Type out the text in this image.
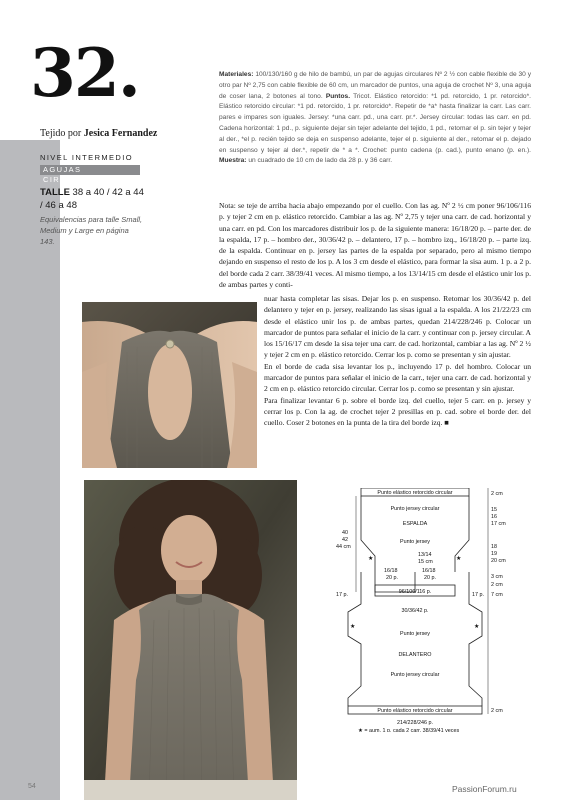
32.
Tejido por Jesica Fernandez
NIVEL INTERMEDIO
AGUJAS CIRCULARES
TALLE 38 a 40 / 42 a 44 / 46 a 48
Equivalencias para talle Small, Medium y Large en página 143.
Materiales: 100/130/160 g de hilo de bambú, un par de agujas circulares Nº 2 ½ con cable flexible de 30 y otro par Nº 2,75 con cable flexible de 60 cm, un marcador de puntos, una aguja de crochet Nº 3, una aguja de coser lana, 2 botones al tono. Puntos. Tricot. Elástico retorcido: *1 pd. retorcido, 1 pr. retorcido*. Elástico retorcido circular: *1 pd. retorcido, 1 pr. retorcido*. Repetir de *a* hasta finalizar la carr. Las carr. pares e impares son iguales. Jersey: *una carr. pd., una carr. pr.*. Jersey circular: todas las carr. en pd. Cadena horizontal: 1 pd., p. siguiente dejar sin tejer adelante del tejido, 1 pd., retomar el p. sin tejer y tejer al der., *el p. recién tejido se deja en suspenso adelante, tejer el p. siguiente al der., retomar el p. dejado en suspenso y tejer al der.*, repetir de * a *. Crochet: punto cadena (p. cad.), punto enano (p. en.). Muestra: un cuadrado de 10 cm de lado da 28 p. y 36 carr.

Nota: se teje de arriba hacia abajo empezando por el cuello. Con las ag. Nº 2 ½ cm poner 96/106/116 p. y tejer 2 cm en p. elástico retorcido. Cambiar a las ag. Nº 2,75 y tejer una carr. de cad. horizontal y una carr. en pd. Con los marcadores distribuir los p. de la siguiente manera: 16/18/20 p. – parte der. de la espalda, 17 p. – hombro der., 30/36/42 p. – delantero, 17 p. – hombro izq., 16/18/20 p. – parte izq. de la espalda. Continuar en p. jersey las partes de la espalda por separado, pero al mismo tiempo dejando en suspenso el resto de los p. A los 3 cm desde el elástico, para formar la sisa aum. 1 p. a 2 p. del borde cada 2 carr. 38/39/41 veces. Al mismo tiempo, a los 13/14/15 cm desde el elástico unir los p. de ambas partes y conti-

nuar hasta completar las sisas. Dejar los p. en suspenso. Retomar los 30/36/42 p. del delantero y tejer en p. jersey, realizando las sisas igual a la espalda. A los 21/22/23 cm desde el elástico unir los p. de ambas partes, quedan 214/228/246 p. Colocar un marcador de puntos para señalar el inicio de la carr. y continuar con p. jersey circular. A los 15/16/17 cm desde la sisa tejer una carr. de cad. horizontal, cambiar a las ag. Nº 2 ½ y tejer 2 cm en p. elástico retorcido. Cerrar los p. como se presentan y sin ajustar.

En el borde de cada sisa levantar los p., incluyendo 17 p. del hombro. Colocar un marcador de puntos para señalar el inicio de la carr., tejer una carr. de cad. horizontal y 2 cm en p. elástico retorcido circular. Cerrar los p. como se presentan y sin ajustar.

Para finalizar levantar 6 p. sobre el borde izq. del cuello, tejer 5 carr. en p. jersey y cerrar los p. Con la ag. de crochet tejer 2 presillas en p. cad. sobre el borde der. del cuello. Coser 2 botones en la punta de la tira del borde izq. ■

Punto elástico retorcido circular
Punto jersey circular
ESPALDA
Punto jersey
96/106/116 p.
30/36/42 p.
Punto jersey
DELANTERO
Punto jersey circular
Punto elástico retorcido circular
214/228/246 p.
17 p.	17 p.
2 cm
15
16
17 cm
18
19
20 cm
3 cm
2 cm
7 cm
2 cm
40
42
44 cm
13/14
15 cm
16/18
20 p.
16/18
20 p.
★ = aum. 1 p. cada 2 carr. 38/39/41 veces
★	★
★	★
54	PassionForum.ru
